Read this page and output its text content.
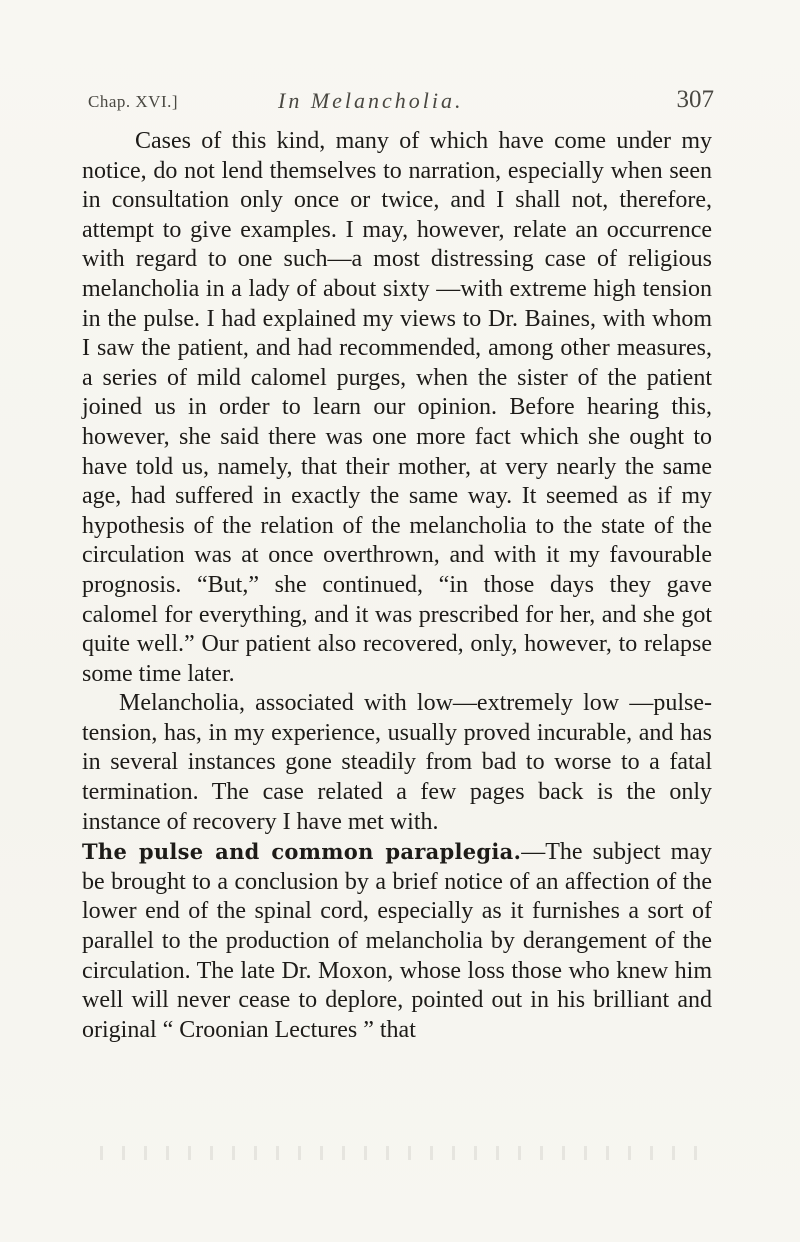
Chap. XVI.]	In Melancholia.	307

Cases of this kind, many of which have come under my notice, do not lend themselves to narration, especially when seen in consultation only once or twice, and I shall not, therefore, attempt to give examples. I may, however, relate an occurrence with regard to one such—a most distressing case of religious melancholia in a lady of about sixty —with extreme high tension in the pulse. I had explained my views to Dr. Baines, with whom I saw the patient, and had recommended, among other measures, a series of mild calomel purges, when the sister of the patient joined us in order to learn our opinion. Before hearing this, however, she said there was one more fact which she ought to have told us, namely, that their mother, at very nearly the same age, had suffered in exactly the same way. It seemed as if my hypothesis of the relation of the melancholia to the state of the circulation was at once overthrown, and with it my favourable prognosis. “But,” she continued, “in those days they gave calomel for everything, and it was prescribed for her, and she got quite well.” Our patient also recovered, only, however, to relapse some time later.

Melancholia, associated with low—extremely low —pulse-tension, has, in my experience, usually proved incurable, and has in several instances gone steadily from bad to worse to a fatal termination. The case related a few pages back is the only instance of recovery I have met with.

The pulse and common paraplegia.—The subject may be brought to a conclusion by a brief notice of an affection of the lower end of the spinal cord, especially as it furnishes a sort of parallel to the production of melancholia by derangement of the circulation. The late Dr. Moxon, whose loss those who knew him well will never cease to deplore, pointed out in his brilliant and original “ Croonian Lectures ” that
